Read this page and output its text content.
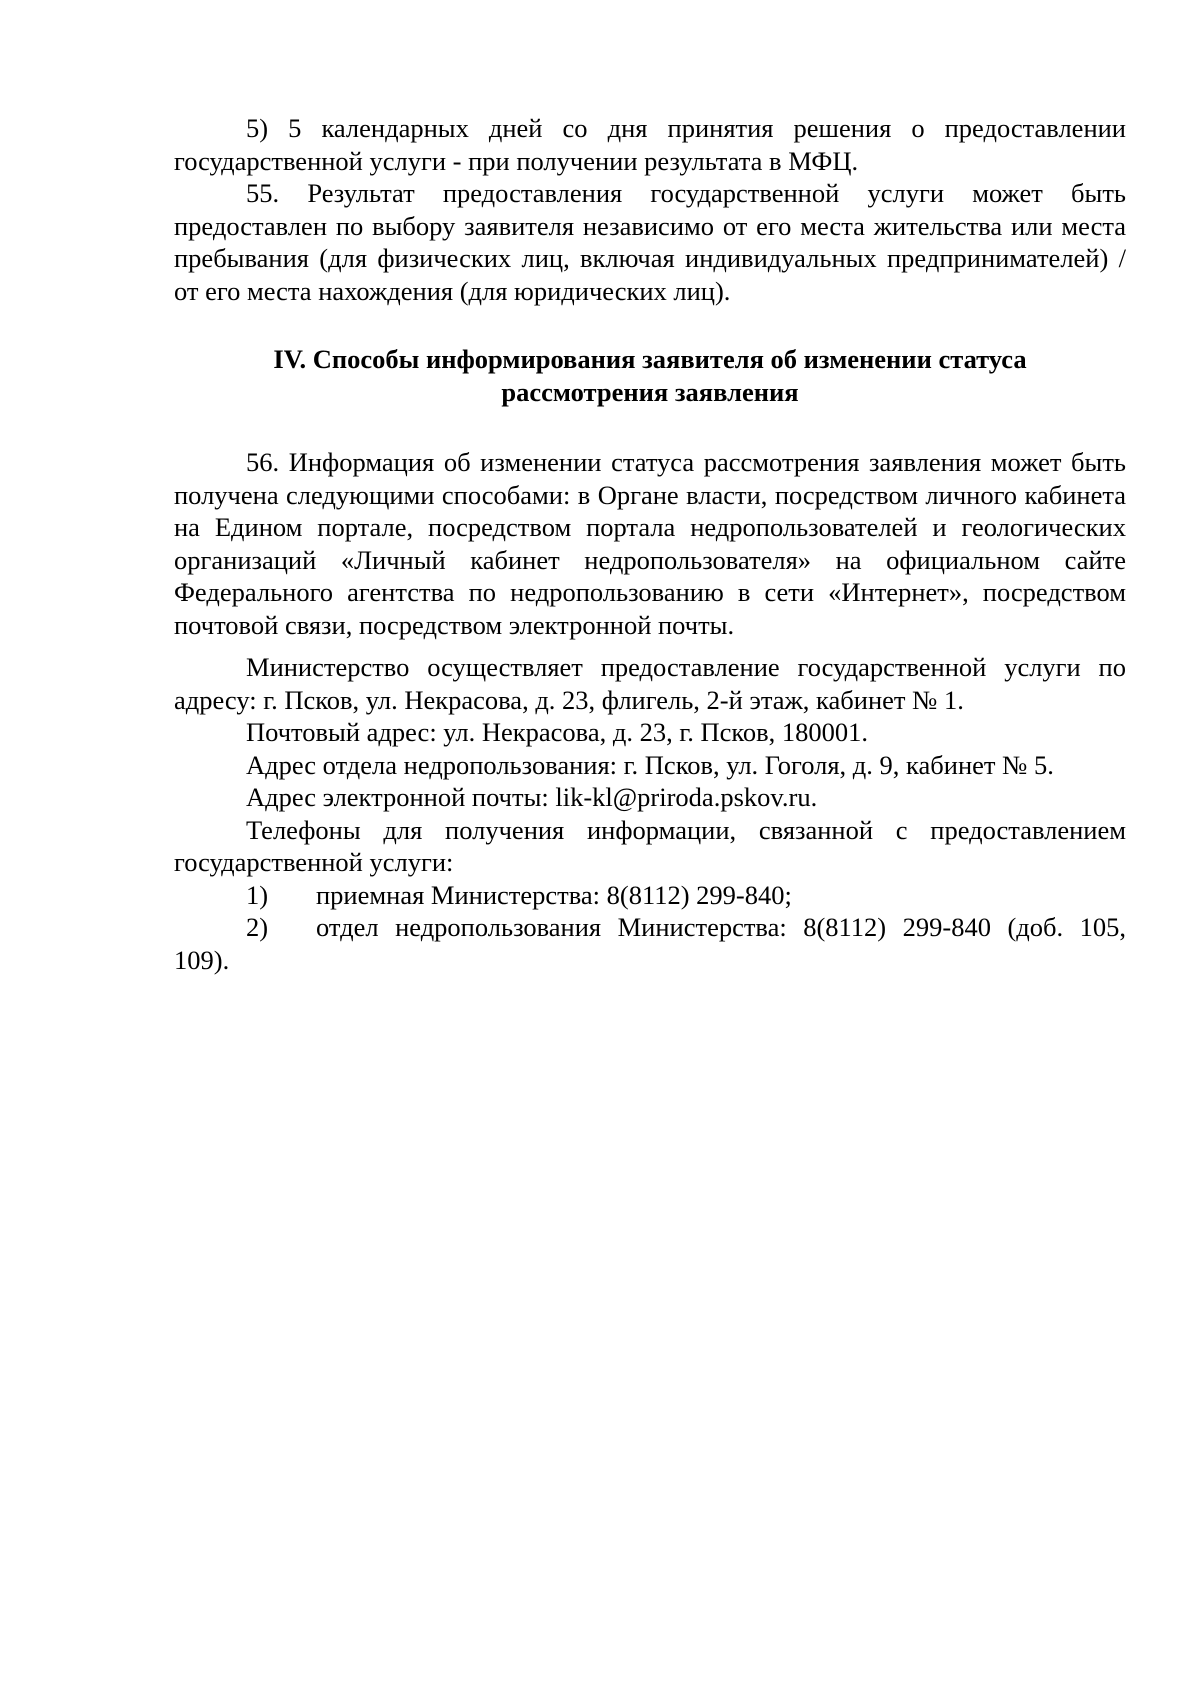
5) 5 календарных дней со дня принятия решения о предоставлении государственной услуги - при получении результата в МФЦ.

55. Результат предоставления государственной услуги может быть предоставлен по выбору заявителя независимо от его места жительства или места пребывания (для физических лиц, включая индивидуальных предпринимателей) / от его места нахождения (для юридических лиц).

IV. Способы информирования заявителя об изменении статуса
рассмотрения заявления

56. Информация об изменении статуса рассмотрения заявления может быть получена следующими способами: в Органе власти, посредством личного кабинета на Едином портале, посредством портала недропользователей и геологических организаций «Личный кабинет недропользователя» на официальном сайте Федерального агентства по недропользованию в сети «Интернет», посредством почтовой связи, посредством электронной почты.

Министерство осуществляет предоставление государственной услуги по адресу: г. Псков, ул. Некрасова, д. 23, флигель, 2-й этаж, кабинет № 1.

Почтовый адрес: ул. Некрасова, д. 23, г. Псков, 180001.

Адрес отдела недропользования: г. Псков, ул. Гоголя, д. 9, кабинет № 5.

Адрес электронной почты: lik-kl@priroda.pskov.ru.

Телефоны для получения информации, связанной с предоставлением государственной услуги:

1) приемная Министерства: 8(8112) 299-840;

2) отдел недропользования Министерства: 8(8112) 299-840 (доб. 105, 109).
